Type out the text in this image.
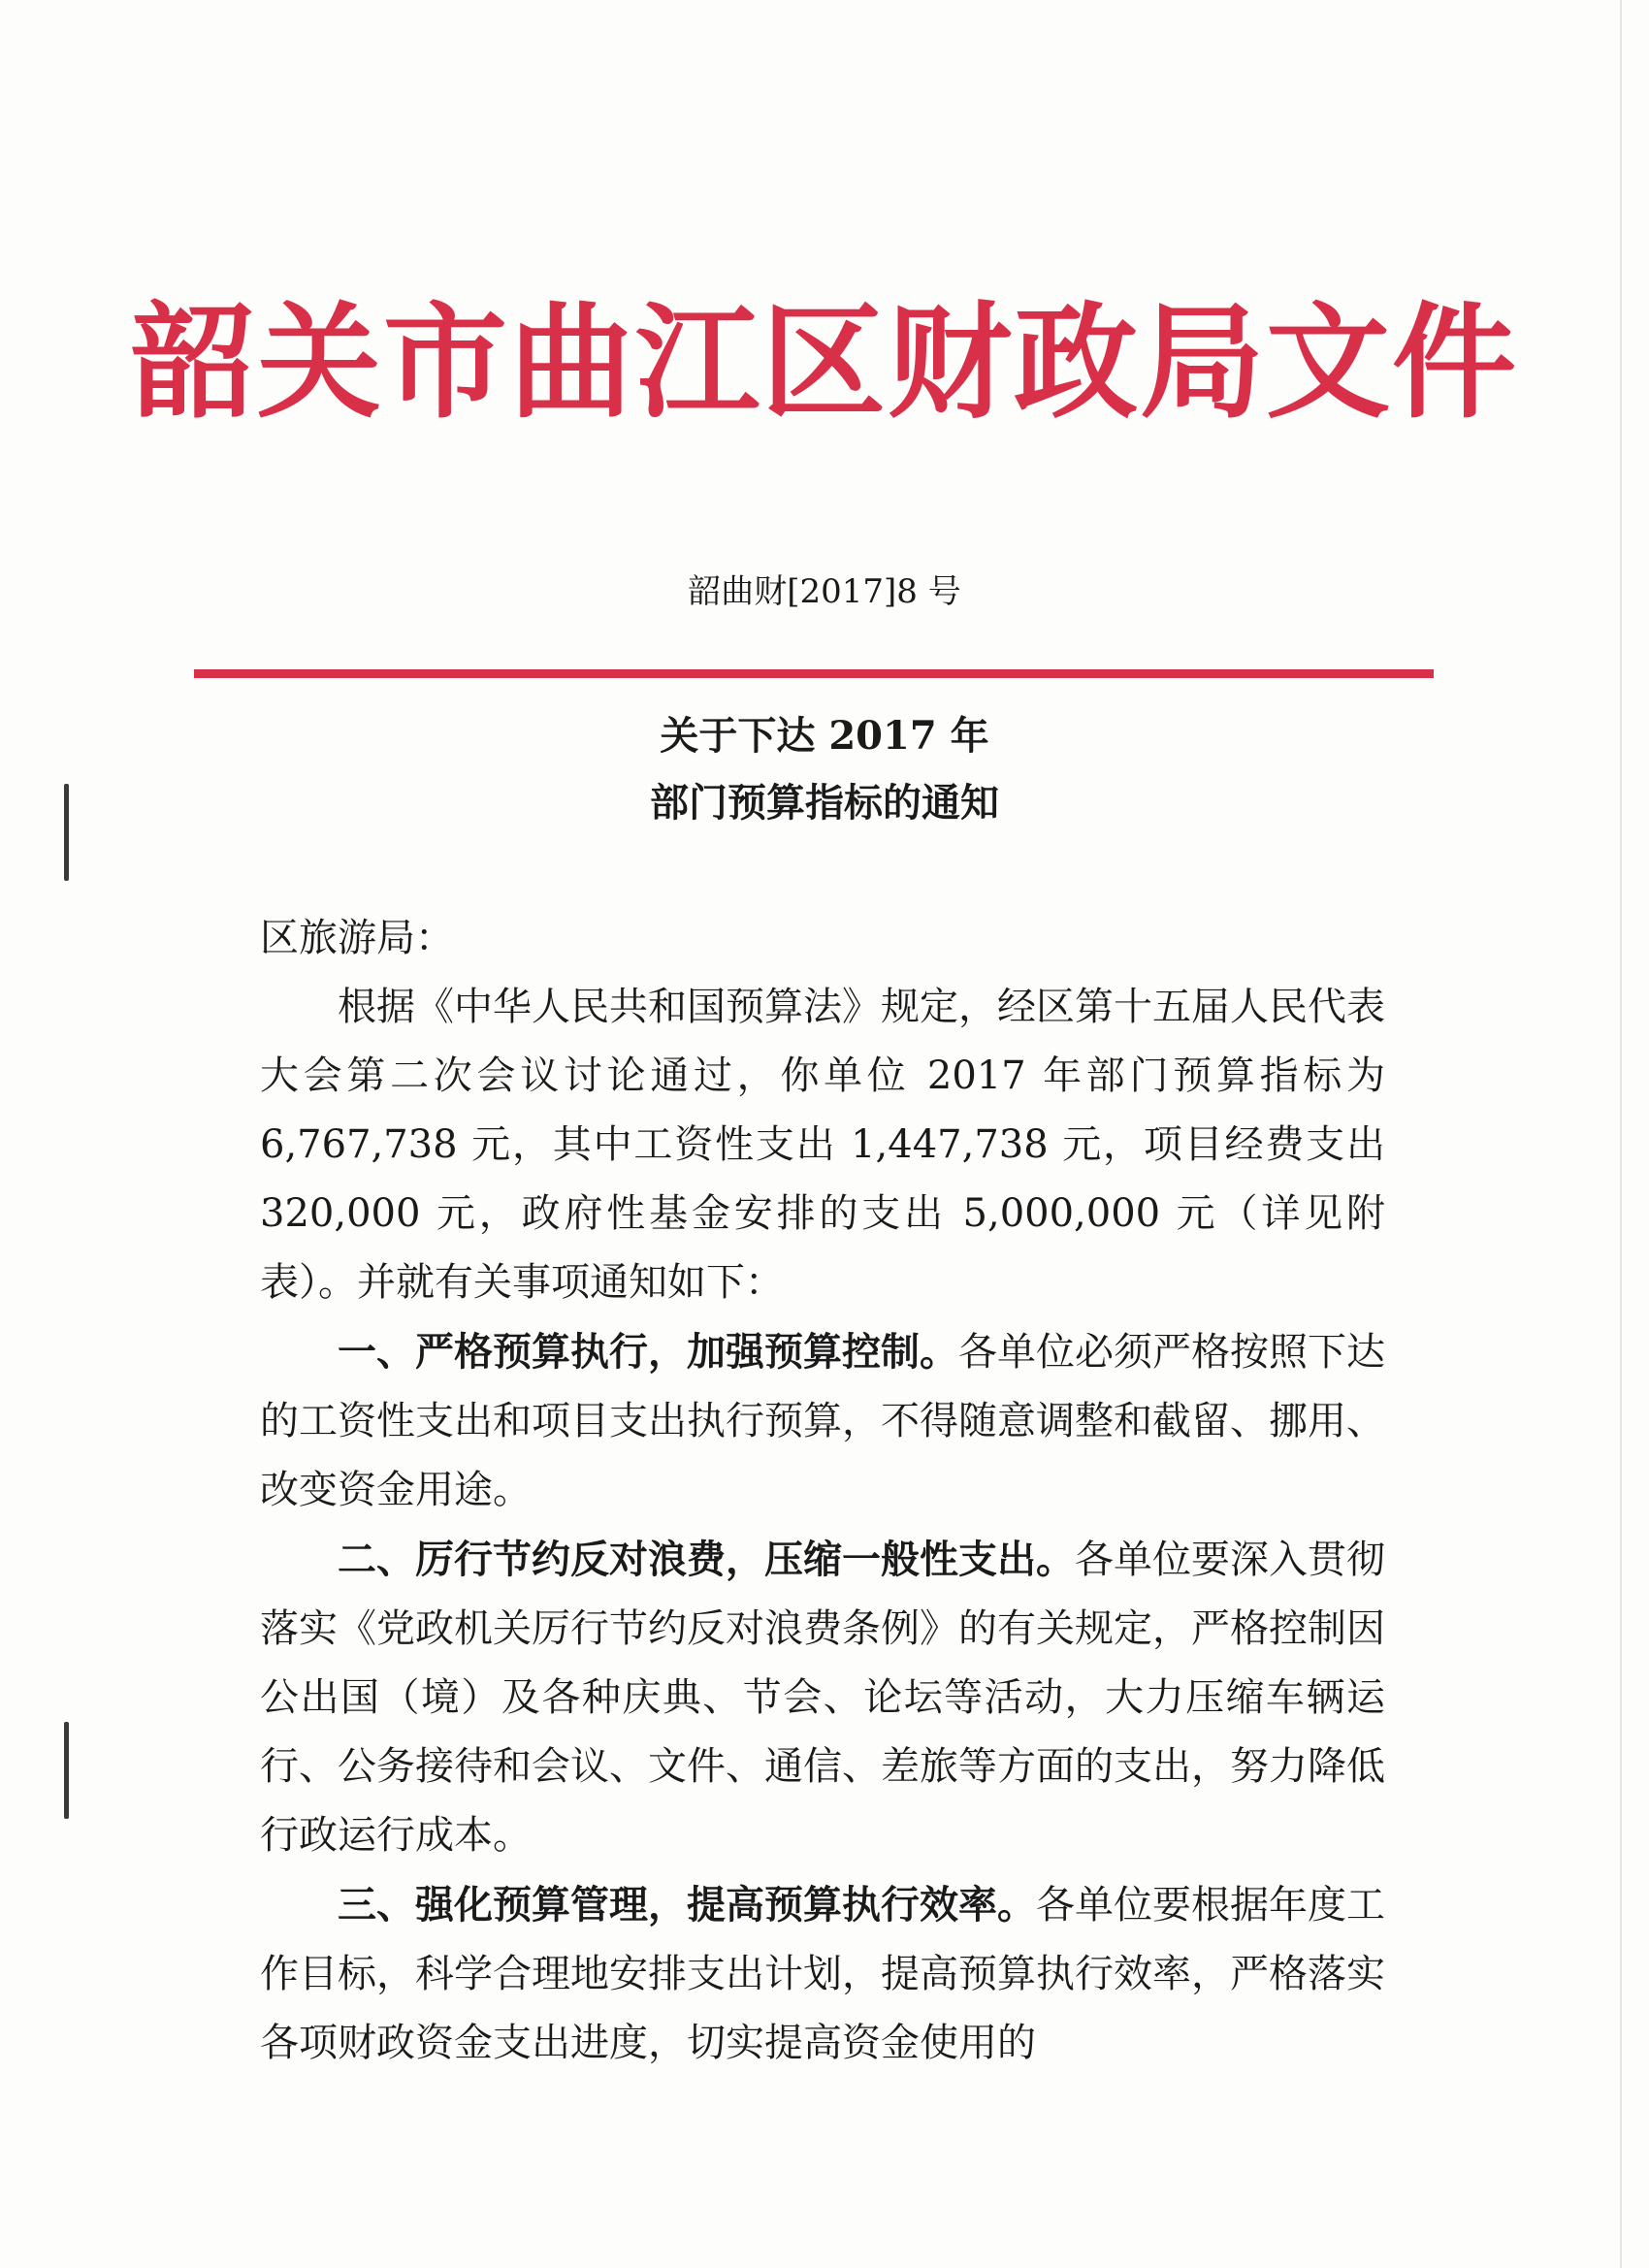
韶关市曲江区财政局文件
韶曲财[2017]8 号
关于下达 2017 年
部门预算指标的通知

区旅游局：

根据《中华人民共和国预算法》规定，经区第十五届人民代表大会第二次会议讨论通过，你单位 2017 年部门预算指标为 6,767,738 元，其中工资性支出 1,447,738 元，项目经费支出 320,000 元，政府性基金安排的支出 5,000,000 元（详见附表）。并就有关事项通知如下：

一、严格预算执行，加强预算控制。各单位必须严格按照下达的工资性支出和项目支出执行预算，不得随意调整和截留、挪用、改变资金用途。

二、厉行节约反对浪费，压缩一般性支出。各单位要深入贯彻落实《党政机关厉行节约反对浪费条例》的有关规定，严格控制因公出国（境）及各种庆典、节会、论坛等活动，大力压缩车辆运行、公务接待和会议、文件、通信、差旅等方面的支出，努力降低行政运行成本。

三、强化预算管理，提高预算执行效率。各单位要根据年度工作目标，科学合理地安排支出计划，提高预算执行效率，严格落实各项财政资金支出进度，切实提高资金使用的
